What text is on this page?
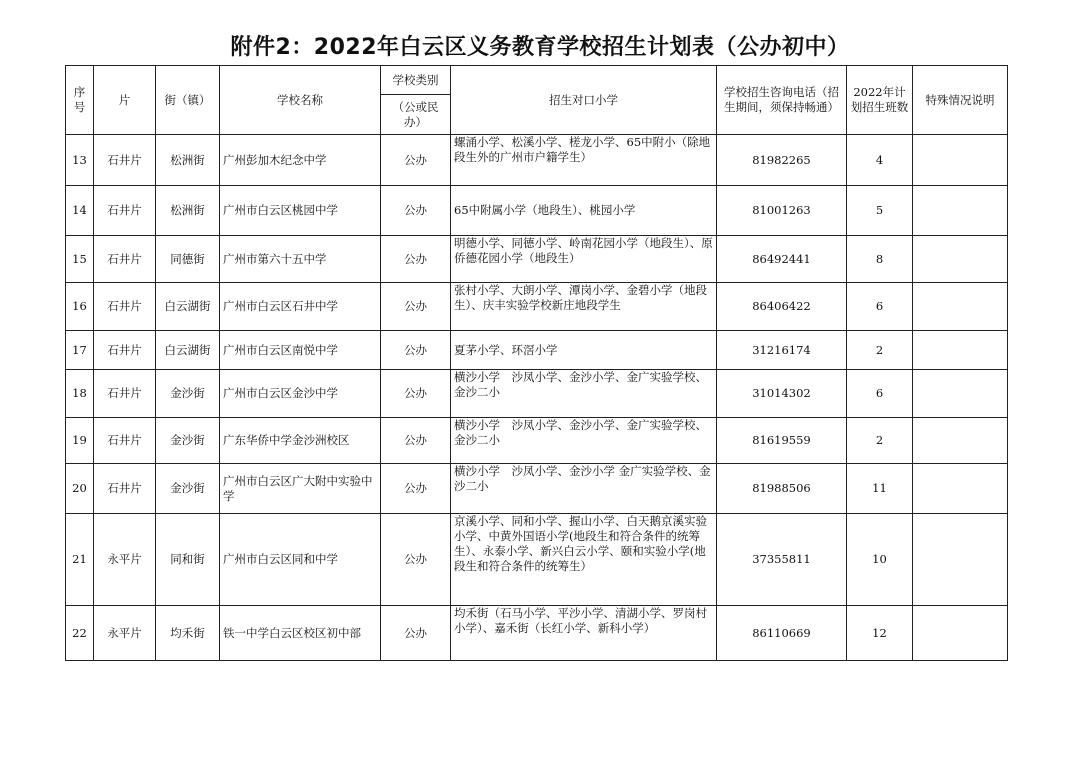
附件2：2022年白云区义务教育学校招生计划表（公办初中）
序号	片	街（镇）	学校名称	学校类别	招生对口小学	学校招生咨询电话（招生期间，须保持畅通）	2022年计划招生班数	特殊情况说明
				（公或民办）				
13	石井片	松洲街	广州彭加木纪念中学	公办	螺涌小学、松溪小学、槎龙小学、65中附小（除地段生外的广州市户籍学生）	81982265	4	
14	石井片	松洲街	广州市白云区桃园中学	公办	65中附属小学（地段生）、桃园小学	81001263	5	
15	石井片	同德街	广州市第六十五中学	公办	明德小学、同德小学、岭南花园小学（地段生）、原侨德花园小学（地段生）	86492441	8	
16	石井片	白云湖街	广州市白云区石井中学	公办	张村小学、大朗小学、潭岗小学、金碧小学（地段生）、庆丰实验学校新庄地段学生	86406422	6	
17	石井片	白云湖街	广州市白云区南悦中学	公办	夏茅小学、环滘小学	31216174	2	
18	石井片	金沙街	广州市白云区金沙中学	公办	横沙小学　沙凤小学、金沙小学、金广实验学校、金沙二小	31014302	6	
19	石井片	金沙街	广东华侨中学金沙洲校区	公办	横沙小学　沙凤小学、金沙小学、金广实验学校、金沙二小	81619559	2	
20	石井片	金沙街	广州市白云区广大附中实验中学	公办	横沙小学　沙凤小学、金沙小学 金广实验学校、金沙二小	81988506	11	
21	永平片	同和街	广州市白云区同和中学	公办	京溪小学、同和小学、握山小学、白天鹅京溪实验小学、中黄外国语小学(地段生和符合条件的统筹生）、永泰小学、新兴白云小学、颐和实验小学(地段生和符合条件的统筹生）	37355811	10	
22	永平片	均禾街	铁一中学白云区校区初中部	公办	均禾街（石马小学、平沙小学、清湖小学、罗岗村小学）、嘉禾街（长红小学、新科小学）	86110669	12	
